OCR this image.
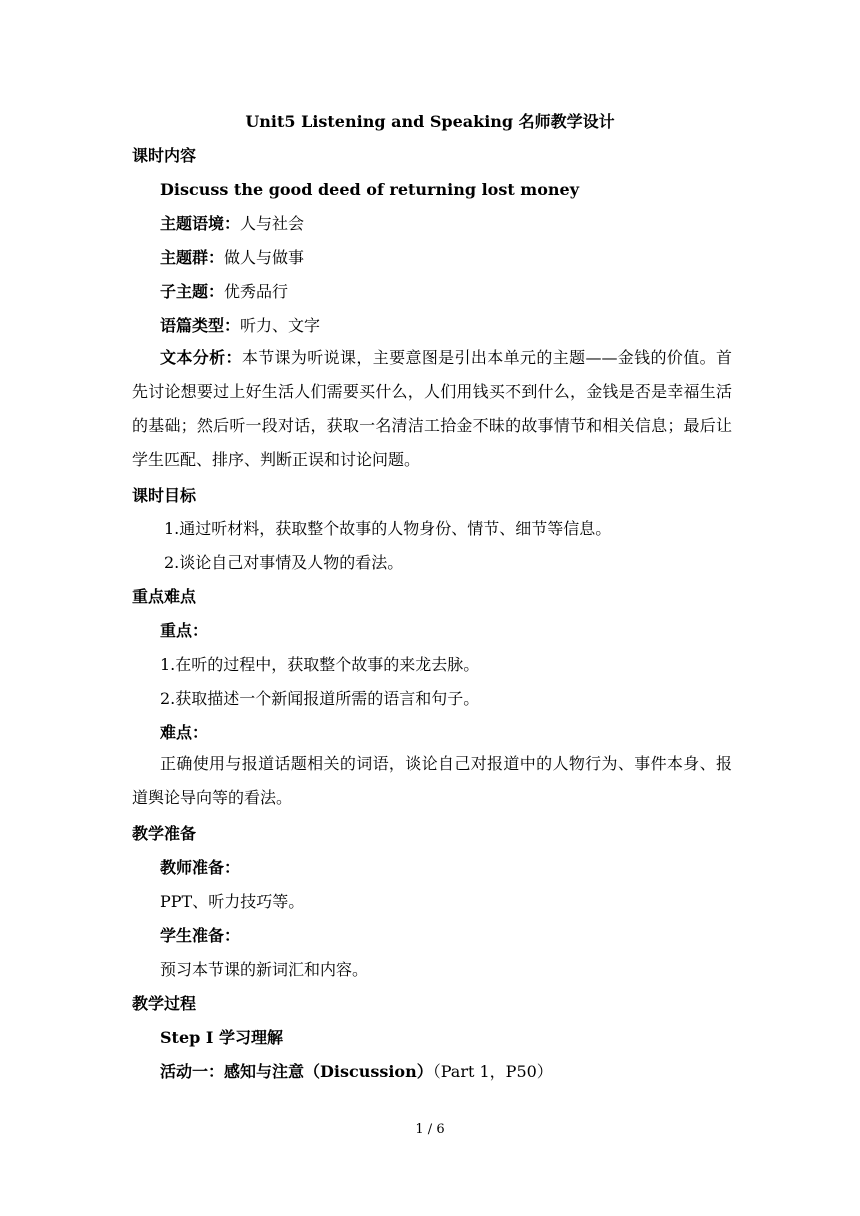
Unit5 Listening and Speaking 名师教学设计
课时内容
Discuss the good deed of returning lost money
主题语境：人与社会
主题群：做人与做事
子主题：优秀品行
语篇类型：听力、文字
文本分析：本节课为听说课，主要意图是引出本单元的主题——金钱的价值。首先讨论想要过上好生活人们需要买什么，人们用钱买不到什么，金钱是否是幸福生活的基础；然后听一段对话，获取一名清洁工拾金不昧的故事情节和相关信息；最后让学生匹配、排序、判断正误和讨论问题。
课时目标
1.通过听材料，获取整个故事的人物身份、情节、细节等信息。
2.谈论自己对事情及人物的看法。
重点难点
重点：
1.在听的过程中，获取整个故事的来龙去脉。
2.获取描述一个新闻报道所需的语言和句子。
难点：
正确使用与报道话题相关的词语，谈论自己对报道中的人物行为、事件本身、报道舆论导向等的看法。
教学准备
教师准备：
PPT、听力技巧等。
学生准备：
预习本节课的新词汇和内容。
教学过程
Step I 学习理解
活动一：感知与注意（Discussion）（Part 1，P50）
1 / 6
